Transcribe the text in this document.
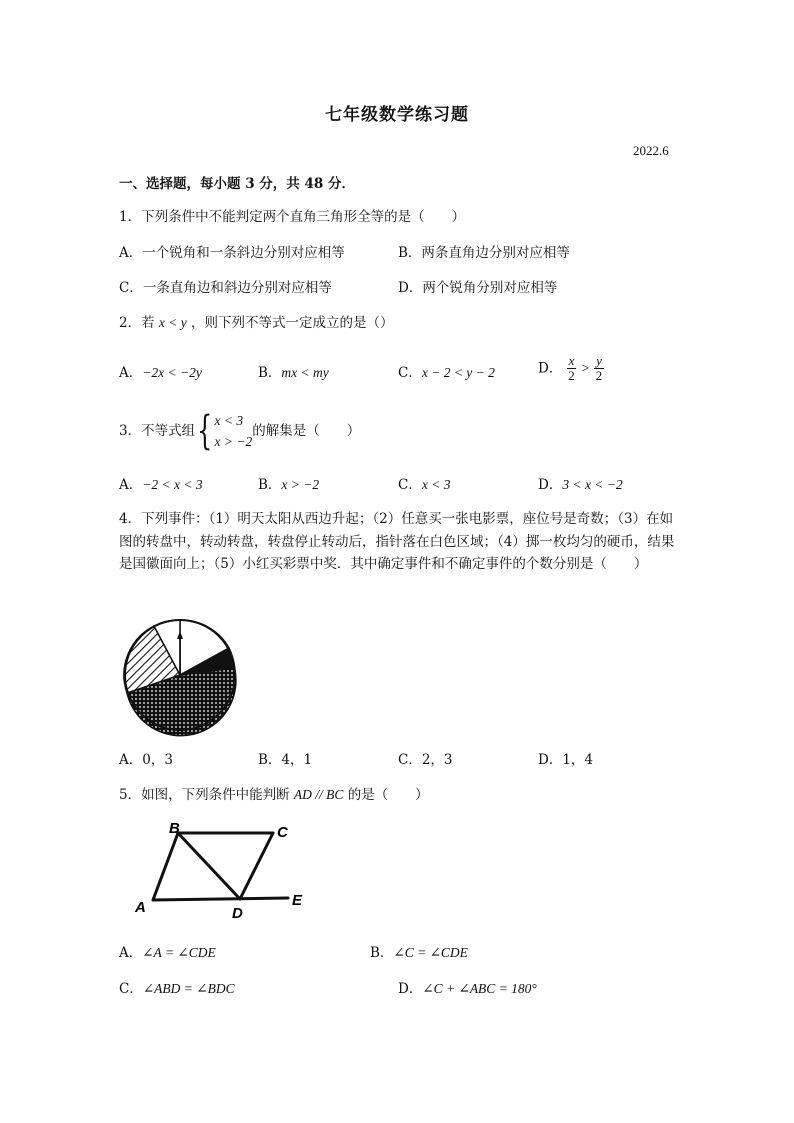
七年级数学练习题
2022.6
一、选择题，每小题 3 分，共 48 分．
1．下列条件中不能判定两个直角三角形全等的是（　　）
A．一个锐角和一条斜边分别对应相等	B．两条直角边分别对应相等
C．一条直角边和斜边分别对应相等	D．两个锐角分别对应相等
2．若 x < y ，则下列不等式一定成立的是（）
A．−2x < −2y	B．mx < my	C．x − 2 < y − 2	D． $\frac{x}{2} > \frac{y}{2}$
3．不等式组{ x < 3
x > −2
的解集是（　　）
A．−2 < x < 3	B．x > −2	C．x < 3	D．3 < x < −2
4．下列事件：（1）明天太阳从西边升起；（2）任意买一张电影票，座位号是奇数；（3）在如图的转盘中，转动转盘，转盘停止转动后，指针落在白色区域；（4）掷一枚均匀的硬币，结果是国徽面向上；（5）小红买彩票中奖．其中确定事件和不确定事件的个数分别是（　　）
A．0，3	B．4，1	C．2，3	D．1，4
5．如图，下列条件中能判断 AD // BC 的是（　　）
B	C
A	D
E
A．∠A = ∠CDE	B．∠C = ∠CDE
C．∠ABD = ∠BDC	D．∠C + ∠ABC = 180°
